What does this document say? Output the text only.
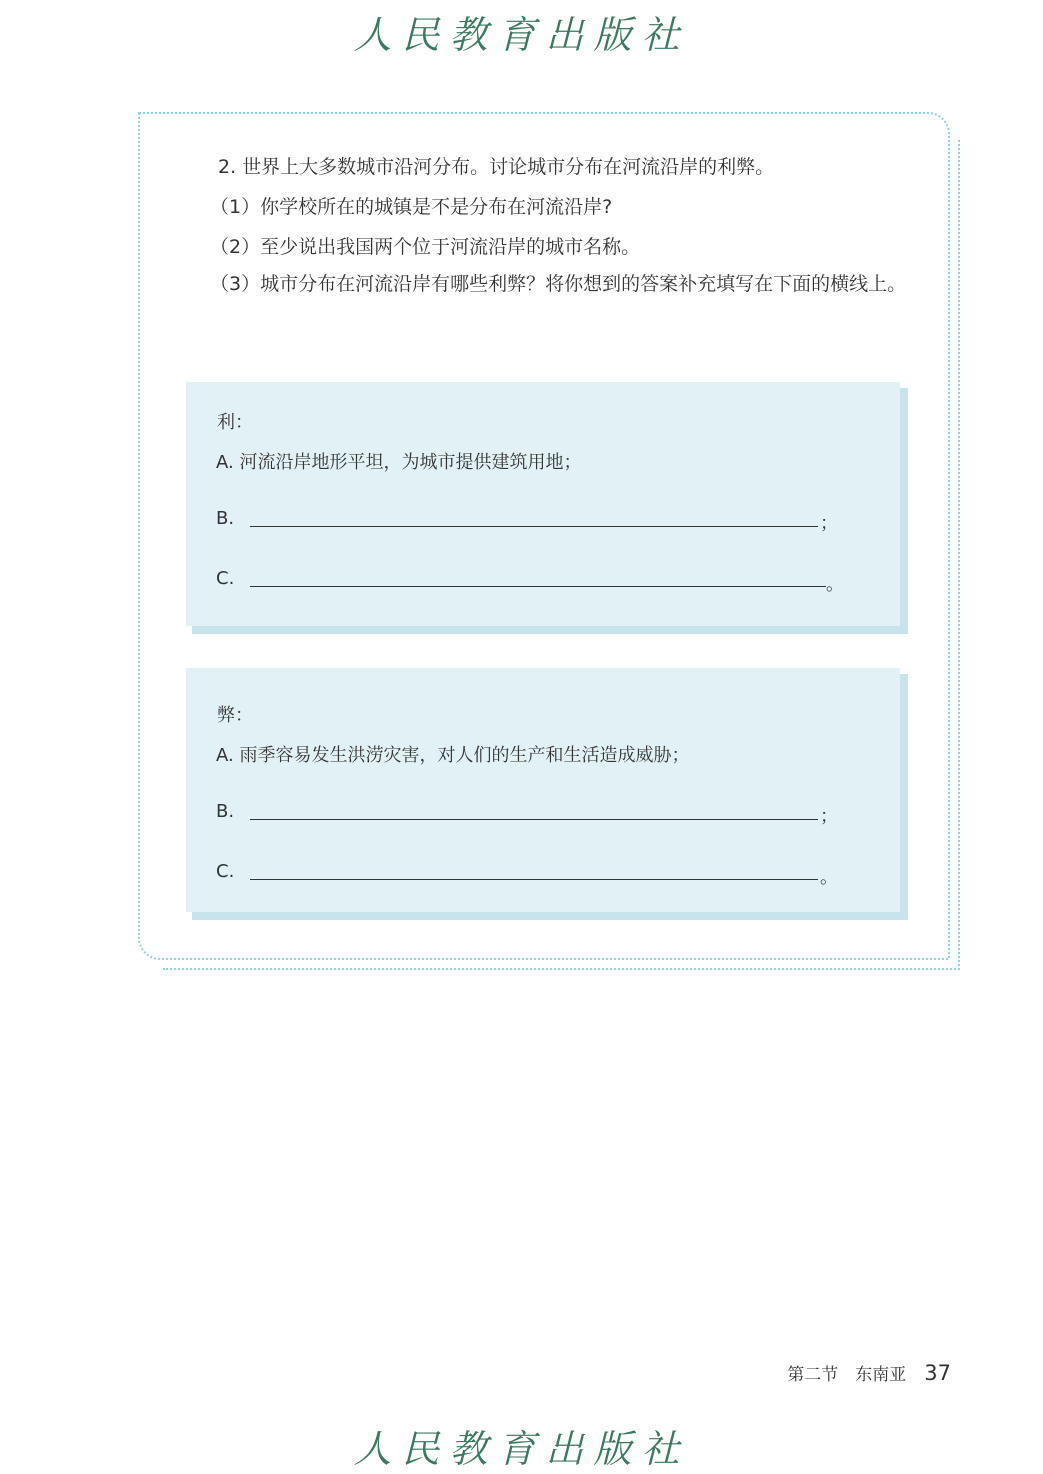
人民教育出版社
2. 世界上大多数城市沿河分布。讨论城市分布在河流沿岸的利弊。
（1）你学校所在的城镇是不是分布在河流沿岸?
（2）至少说出我国两个位于河流沿岸的城市名称。
（3）城市分布在河流沿岸有哪些利弊？将你想到的答案补充填写在下面的横线上。
利：
A. 河流沿岸地形平坦，为城市提供建筑用地；
B.	；
C.	。
弊：
A. 雨季容易发生洪涝灾害，对人们的生产和生活造成威胁；
B.	；
C.	。
第二节　东南亚 37
人民教育出版社
